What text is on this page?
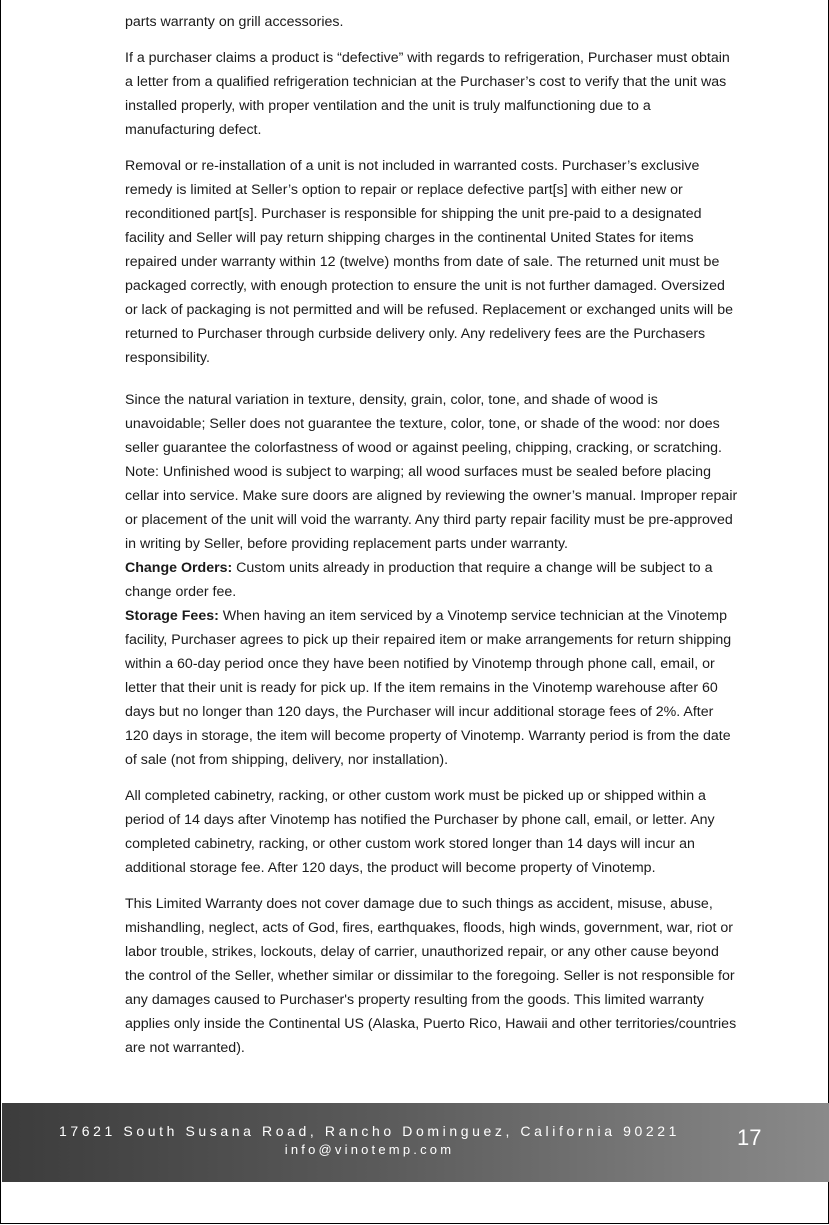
parts warranty on grill accessories.

If a purchaser claims a product is “defective” with regards to refrigeration, Purchaser must obtain a letter from a qualified refrigeration technician at the Purchaser’s cost to verify that the unit was installed properly, with proper ventilation and the unit is truly malfunctioning due to a manufacturing defect.

Removal or re-installation of a unit is not included in warranted costs. Purchaser’s exclusive remedy is limited at Seller’s option to repair or replace defective part[s] with either new or reconditioned part[s]. Purchaser is responsible for shipping the unit pre-paid to a designated facility and Seller will pay return shipping charges in the continental United States for items repaired under warranty within 12 (twelve) months from date of sale. The returned unit must be packaged correctly, with enough protection to ensure the unit is not further damaged. Oversized or lack of packaging is not permitted and will be refused. Replacement or exchanged units will be returned to Purchaser through curbside delivery only. Any redelivery fees are the Purchasers responsibility.

Since the natural variation in texture, density, grain, color, tone, and shade of wood is unavoidable; Seller does not guarantee the texture, color, tone, or shade of the wood: nor does seller guarantee the colorfastness of wood or against peeling, chipping, cracking, or scratching. Note: Unfinished wood is subject to warping; all wood surfaces must be sealed before placing cellar into service. Make sure doors are aligned by reviewing the owner’s manual. Improper repair or placement of the unit will void the warranty. Any third party repair facility must be pre-approved in writing by Seller, before providing replacement parts under warranty.

Change Orders: Custom units already in production that require a change will be subject to a change order fee.

Storage Fees: When having an item serviced by a Vinotemp service technician at the Vinotemp facility, Purchaser agrees to pick up their repaired item or make arrangements for return shipping within a 60-day period once they have been notified by Vinotemp through phone call, email, or letter that their unit is ready for pick up. If the item remains in the Vinotemp warehouse after 60 days but no longer than 120 days, the Purchaser will incur additional storage fees of 2%. After 120 days in storage, the item will become property of Vinotemp. Warranty period is from the date of sale (not from shipping, delivery, nor installation).

All completed cabinetry, racking, or other custom work must be picked up or shipped within a period of 14 days after Vinotemp has notified the Purchaser by phone call, email, or letter. Any completed cabinetry, racking, or other custom work stored longer than 14 days will incur an additional storage fee. After 120 days, the product will become property of Vinotemp.

This Limited Warranty does not cover damage due to such things as accident, misuse, abuse, mishandling, neglect, acts of God, fires, earthquakes, floods, high winds, government, war, riot or labor trouble, strikes, lockouts, delay of carrier, unauthorized repair, or any other cause beyond the control of the Seller, whether similar or dissimilar to the foregoing. Seller is not responsible for any damages caused to Purchaser's property resulting from the goods. This limited warranty applies only inside the Continental US (Alaska, Puerto Rico, Hawaii and other territories/countries are not warranted).

17621 South Susana Road, Rancho Dominguez, California 90221
info@vinotemp.com	17
